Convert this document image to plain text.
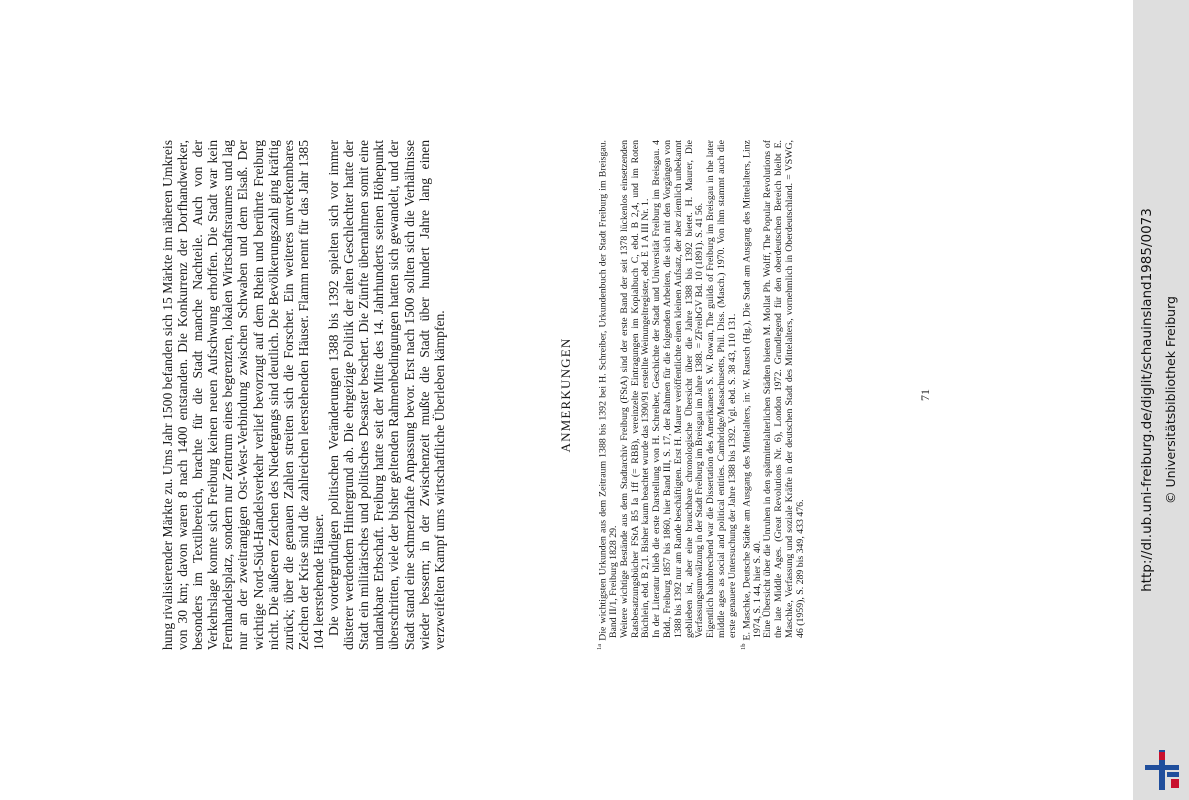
hung rivalisierender Märkte zu. Ums Jahr 1500 befanden sich 15 Märkte im näheren Umkreis von 30 km; davon waren 8 nach 1400 entstanden. Die Konkurrenz der Dorfhandwerker, besonders im Textilbereich, brachte für die Stadt manche Nachteile. Auch von der Verkehrslage konnte sich Freiburg keinen neuen Aufschwung erhoffen. Die Stadt war kein Fernhandelsplatz, sondern nur Zentrum eines begrenzten, lokalen Wirtschaftsraumes und lag nur an der zweitrangigen Ost-West-Verbindung zwischen Schwaben und dem Elsaß. Der wichtige Nord-Süd-Handelsverkehr verlief bevorzugt auf dem Rhein und berührte Freiburg nicht. Die äußeren Zeichen des Niedergangs sind deutlich. Die Bevölkerungszahl ging kräftig zurück; über die genauen Zahlen streiten sich die Forscher. Ein weiteres unverkennbares Zeichen der Krise sind die zahlreichen leerstehenden Häuser. Flamm nennt für das Jahr 1385 104 leerstehende Häuser. Die vordergründigen politischen Veränderungen 1388 bis 1392 spielten sich vor immer düsterer werdendem Hintergrund ab. Die ehrgeizige Politik der alten Geschlechter hatte der Stadt ein militärisches und politisches Desaster beschert. Die Zünfte übernahmen somit eine undankbare Erbschaft. Freiburg hatte seit der Mitte des 14. Jahrhunderts seinen Höhepunkt überschritten, viele der bisher geltenden Rahmenbedingungen hatten sich gewandelt, und der Stadt stand eine schmerzhafte Anpassung bevor. Erst nach 1500 sollten sich die Verhältnisse wieder bessern; in der Zwischenzeit mußte die Stadt über hundert Jahre lang einen verzweifelten Kampf ums wirtschaftliche Überleben kämpfen.	ANMERKUNGEN

$^{1a}$ Die wichtigsten Urkunden aus dem Zeitraum 1388 bis 1392 bei H. Schreiber, Urkundenbuch der Stadt Freiburg im Breisgau. Band II/1, Freiburg 1828 29. Weitere wichtige Bestände aus dem Stadtarchiv Freiburg (FStA) sind der erste Band der seit 1378 lückenlos einsetzenden Ratsbesatzungsbücher FStA B5 Ia 1ff (= RBB), vereinzelte Eintragungen im Kopialbuch C, ebd. B 2,4, und im Roten Büchlein, ebd. B 2,1. Bisher kaum beachtet wurde das 1390/91 erstellte Weinungeltregister, ebd. E 1 A III Nr. 1. In der Literatur blieb die erste Darstellung von H. Schreiber, Geschichte der Stadt und Universität Freiburg im Breisgau. 4 Bdd., Freiburg 1857 bis 1860, hier Band III, S. 17, der Rahmen für die folgenden Arbeiten, die sich mit den Vorgängen von 1388 bis 1392 nur am Rande beschäftigten. Erst H. Maurer veröffentlichte einen kleinen Aufsatz, der aber ziemlich unbekannt geblieben ist, aber eine brauchbare chronologische Übersicht über die Jahre 1388 bis 1392 bietet. H. Maurer, Die Verfassungsumwälzung in der Stadt Freiburg im Breisgau im Jahre 1388. = ZFreibGV Bd. 10 (1891). S. 41 56. Eigentlich bahnbrechend war die Dissertation des Amerikaners S. W. Rowan, The guilds of Freiburg im Breisgau in the later middle ages as social and political entities. Cambridge/Massachusetts, Phil. Diss. (Masch.) 1970. Von ihm stammt auch die erste genauere Untersuchung der Jahre 1388 bis 1392. Vgl. ebd. S. 38 43, 110 131.

$^{1b}$ E. Maschke, Deutsche Städte am Ausgang des Mittelalters, in: W. Rausch (Hg.), Die Stadt am Ausgang des Mittelalters, Linz 1974, S. 1 44, hier S. 40. Eine Übersicht über die Unruhen in den spätmittelalterlichen Städten bieten M. Mollat Ph. Wolff, The Popular Revolutions of the late Middle Ages. (Great Revolutions Nr. 6), London 1972. Grundlegend für den oberdeutschen Bereich bleibt E. Maschke, Verfassung und soziale Kräfte in der deutschen Stadt des Mittelalters, vornehmlich in Oberdeutschland. = VSWG, 46 (1959), S. 289 bis 349, 433 476.

71	http://dl.ub.uni-freiburg.de/diglit/schauinsland1985/0073 © Universitätsbibliothek Freiburg
